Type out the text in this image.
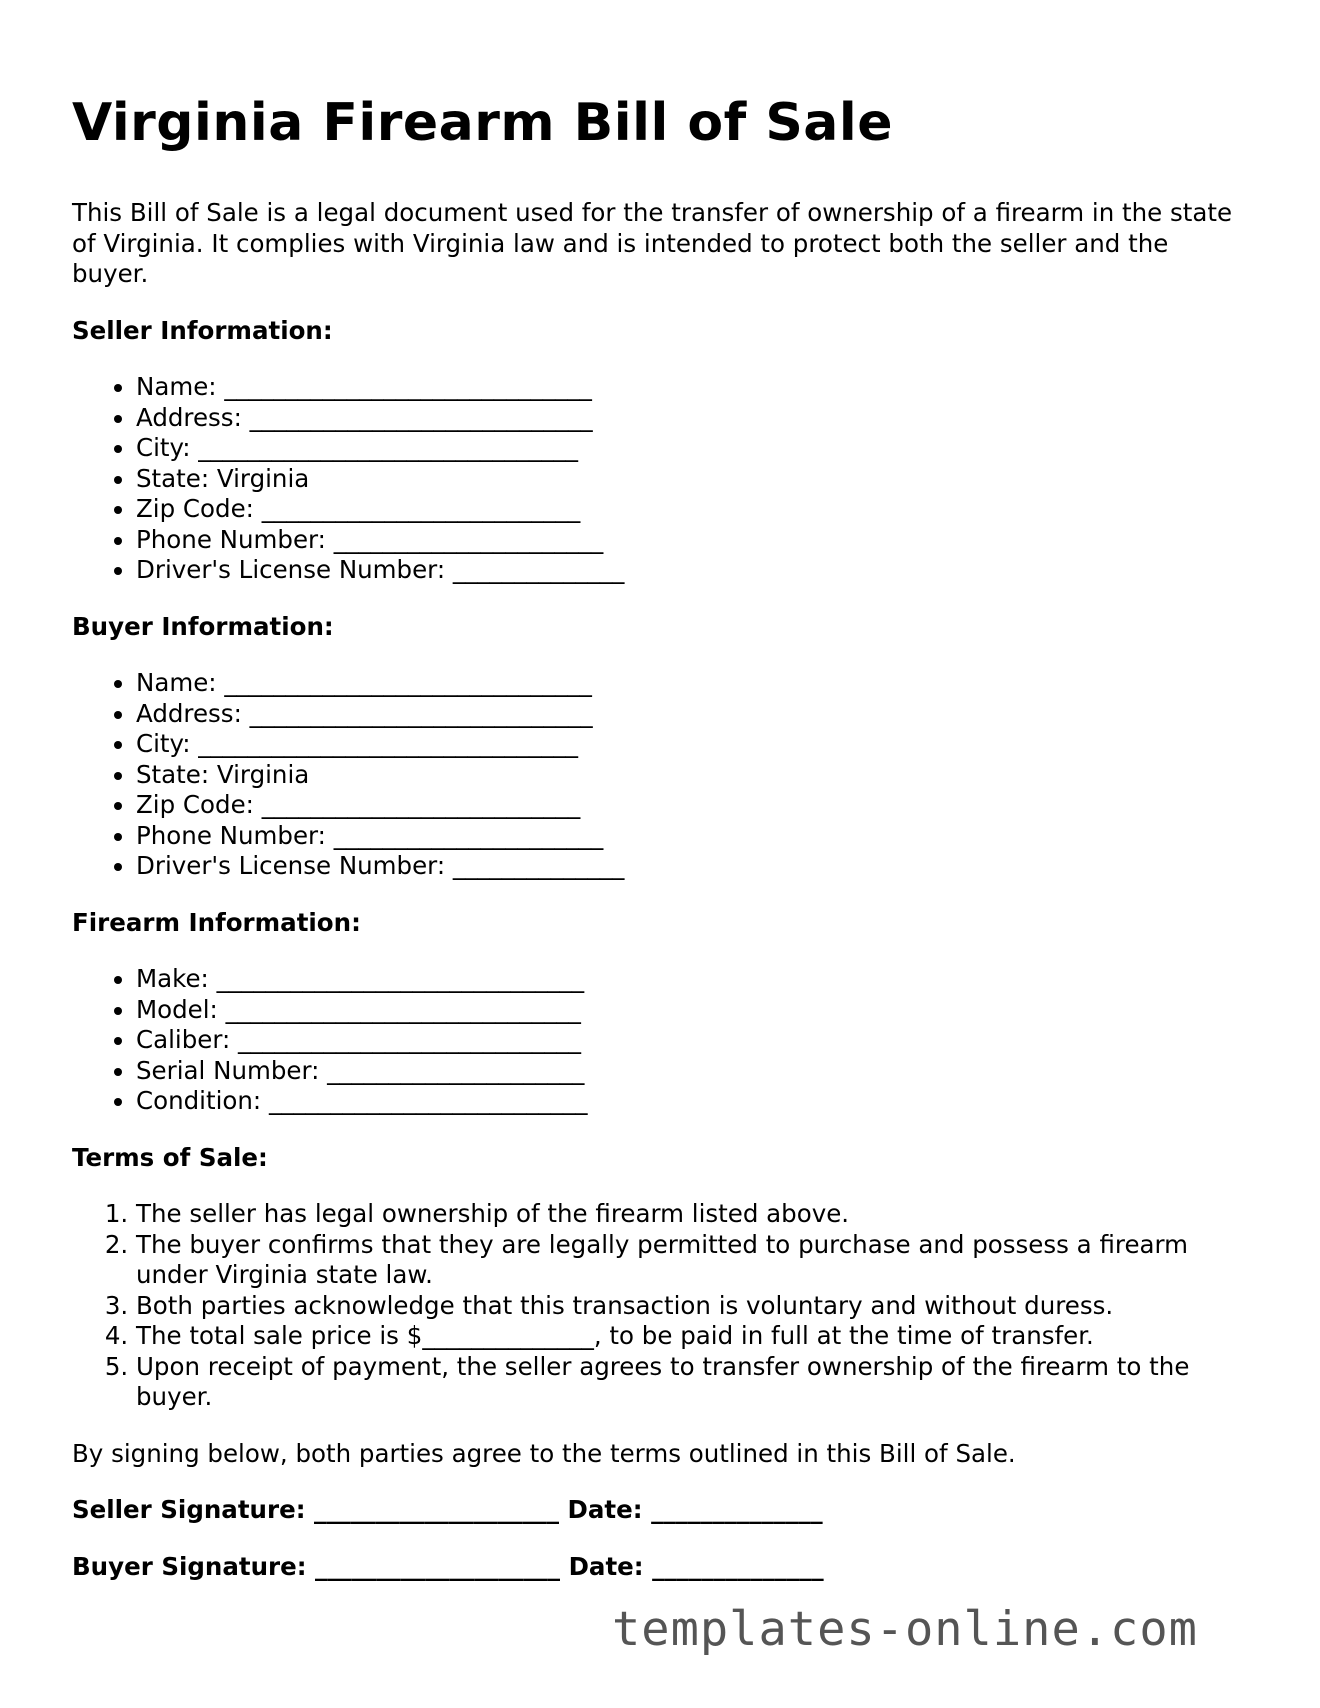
Virginia Firearm Bill of Sale

This Bill of Sale is a legal document used for the transfer of ownership of a firearm in the state of Virginia. It complies with Virginia law and is intended to protect both the seller and the buyer.

Seller Information:
• Name: ______________________________
• Address: ____________________________
• City: _______________________________
• State: Virginia
• Zip Code: __________________________
• Phone Number: ______________________
• Driver's License Number: ______________
Buyer Information:
• Name: ______________________________
• Address: ____________________________
• City: _______________________________
• State: Virginia
• Zip Code: __________________________
• Phone Number: ______________________
• Driver's License Number: ______________
Firearm Information:
• Make: ______________________________
• Model: _____________________________
• Caliber: ____________________________
• Serial Number: _____________________
• Condition: __________________________
Terms of Sale:
1. The seller has legal ownership of the firearm listed above.
2. The buyer confirms that they are legally permitted to purchase and possess a firearm under Virginia state law.
3. Both parties acknowledge that this transaction is voluntary and without duress.
4. The total sale price is $______________, to be paid in full at the time of transfer.
5. Upon receipt of payment, the seller agrees to transfer ownership of the firearm to the buyer.

By signing below, both parties agree to the terms outlined in this Bill of Sale.

Seller Signature: ____________________ Date: ______________
Buyer Signature: ____________________ Date: ______________
templates-online.com
